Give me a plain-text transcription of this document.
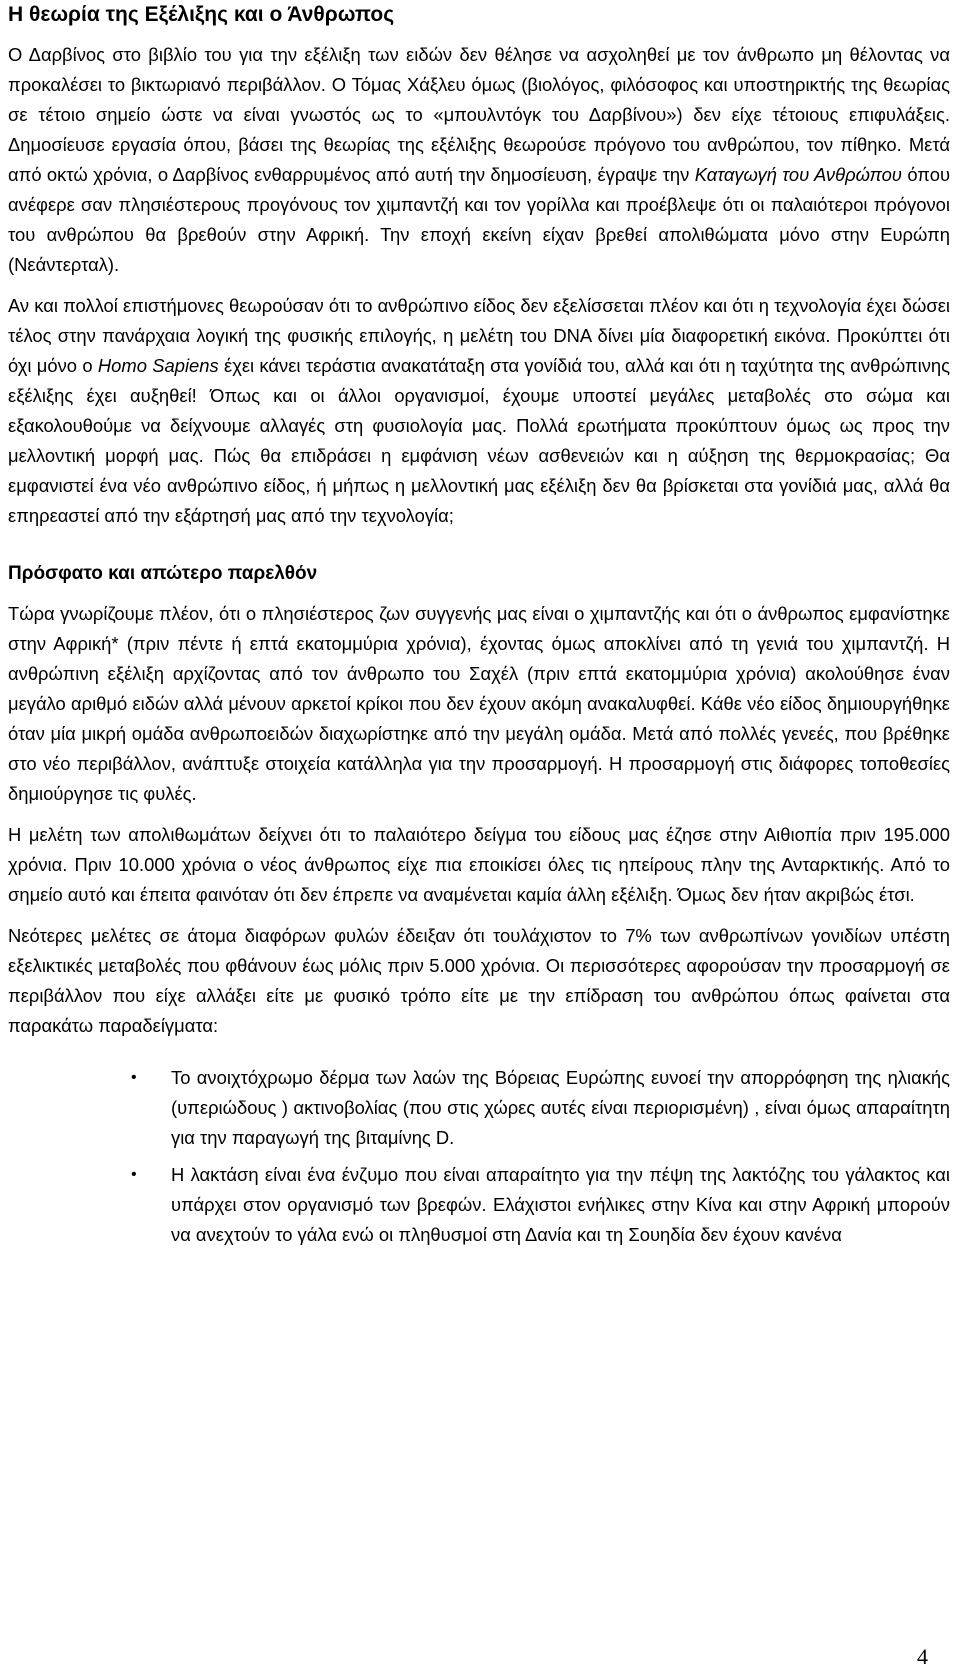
Η θεωρία της Εξέλιξης και ο Άνθρωπος

Ο Δαρβίνος στο βιβλίο του για την εξέλιξη των ειδών δεν θέλησε να ασχοληθεί με τον άνθρωπο μη θέλοντας να προκαλέσει το βικτωριανό περιβάλλον. Ο Τόμας Χάξλευ όμως (βιολόγος, φιλόσοφος και υποστηρικτής της θεωρίας σε τέτοιο σημείο ώστε να είναι γνωστός ως το «μπουλντόγκ του Δαρβίνου») δεν είχε τέτοιους επιφυλάξεις. Δημοσίευσε εργασία όπου, βάσει της θεωρίας της εξέλιξης θεωρούσε πρόγονο του ανθρώπου, τον πίθηκο. Μετά από οκτώ χρόνια, ο Δαρβίνος ενθαρρυμένος από αυτή την δημοσίευση, έγραψε την Καταγωγή του Ανθρώπου όπου ανέφερε σαν πλησιέστερους προγόνους τον χιμπαντζή και τον γορίλλα και προέβλεψε ότι οι παλαιότεροι πρόγονοι του ανθρώπου θα βρεθούν στην Αφρική. Την εποχή εκείνη είχαν βρεθεί απολιθώματα μόνο στην Ευρώπη (Νεάντερταλ).

Αν και πολλοί επιστήμονες θεωρούσαν ότι το ανθρώπινο είδος δεν εξελίσσεται πλέον και ότι η τεχνολογία έχει δώσει τέλος στην πανάρχαια λογική της φυσικής επιλογής, η μελέτη του DNA δίνει μία διαφορετική εικόνα. Προκύπτει ότι όχι μόνο ο Homo Sapiens έχει κάνει τεράστια ανακατάταξη στα γονίδιά του, αλλά και ότι η ταχύτητα της ανθρώπινης εξέλιξης έχει αυξηθεί! Όπως και οι άλλοι οργανισμοί, έχουμε υποστεί μεγάλες μεταβολές στο σώμα και εξακολουθούμε να δείχνουμε αλλαγές στη φυσιολογία μας. Πολλά ερωτήματα προκύπτουν όμως ως προς την μελλοντική μορφή μας. Πώς θα επιδράσει η εμφάνιση νέων ασθενειών και η αύξηση της θερμοκρασίας; Θα εμφανιστεί ένα νέο ανθρώπινο είδος, ή μήπως η μελλοντική μας εξέλιξη δεν θα βρίσκεται στα γονίδιά μας, αλλά θα επηρεαστεί από την εξάρτησή μας από την τεχνολογία;

Πρόσφατο και απώτερο παρελθόν

Τώρα γνωρίζουμε πλέον, ότι ο πλησιέστερος ζων συγγενής μας είναι ο χιμπαντζής και ότι ο άνθρωπος εμφανίστηκε στην Αφρική* (πριν πέντε ή επτά εκατομμύρια χρόνια), έχοντας όμως αποκλίνει από τη γενιά του χιμπαντζή. Η ανθρώπινη εξέλιξη αρχίζοντας από τον άνθρωπο του Σαχέλ (πριν επτά εκατομμύρια χρόνια) ακολούθησε έναν μεγάλο αριθμό ειδών αλλά μένουν αρκετοί κρίκοι που δεν έχουν ακόμη ανακαλυφθεί. Κάθε νέο είδος δημιουργήθηκε όταν μία μικρή ομάδα ανθρωποειδών διαχωρίστηκε από την μεγάλη ομάδα. Μετά από πολλές γενεές, που βρέθηκε στο νέο περιβάλλον, ανάπτυξε στοιχεία κατάλληλα για την προσαρμογή. Η προσαρμογή στις διάφορες τοποθεσίες δημιούργησε τις φυλές.

Η μελέτη των απολιθωμάτων δείχνει ότι το παλαιότερο δείγμα του είδους μας έζησε στην Αιθιοπία πριν 195.000 χρόνια. Πριν 10.000 χρόνια ο νέος άνθρωπος είχε πια εποικίσει όλες τις ηπείρους πλην της Ανταρκτικής. Από το σημείο αυτό και έπειτα φαινόταν ότι δεν έπρεπε να αναμένεται καμία άλλη εξέλιξη. Όμως δεν ήταν ακριβώς έτσι.

Νεότερες μελέτες σε άτομα διαφόρων φυλών έδειξαν ότι τουλάχιστον το 7% των ανθρωπίνων γονιδίων υπέστη εξελικτικές μεταβολές που φθάνουν έως μόλις πριν 5.000 χρόνια. Οι περισσότερες αφορούσαν την προσαρμογή σε περιβάλλον που είχε αλλάξει είτε με φυσικό τρόπο είτε με την επίδραση του ανθρώπου όπως φαίνεται στα παρακάτω παραδείγματα:

• Το ανοιχτόχρωμο δέρμα των λαών της Βόρειας Ευρώπης ευνοεί την απορρόφηση της ηλιακής (υπεριώδους ) ακτινοβολίας (που στις χώρες αυτές είναι περιορισμένη) , είναι όμως απαραίτητη για την παραγωγή της βιταμίνης D.
• Η λακτάση είναι ένα ένζυμο που είναι απαραίτητο για την πέψη της λακτόζης του γάλακτος και υπάρχει στον οργανισμό των βρεφών. Ελάχιστοι ενήλικες στην Κίνα και στην Αφρική μπορούν να ανεχτούν το γάλα ενώ οι πληθυσμοί στη Δανία και τη Σουηδία δεν έχουν κανένα
4
